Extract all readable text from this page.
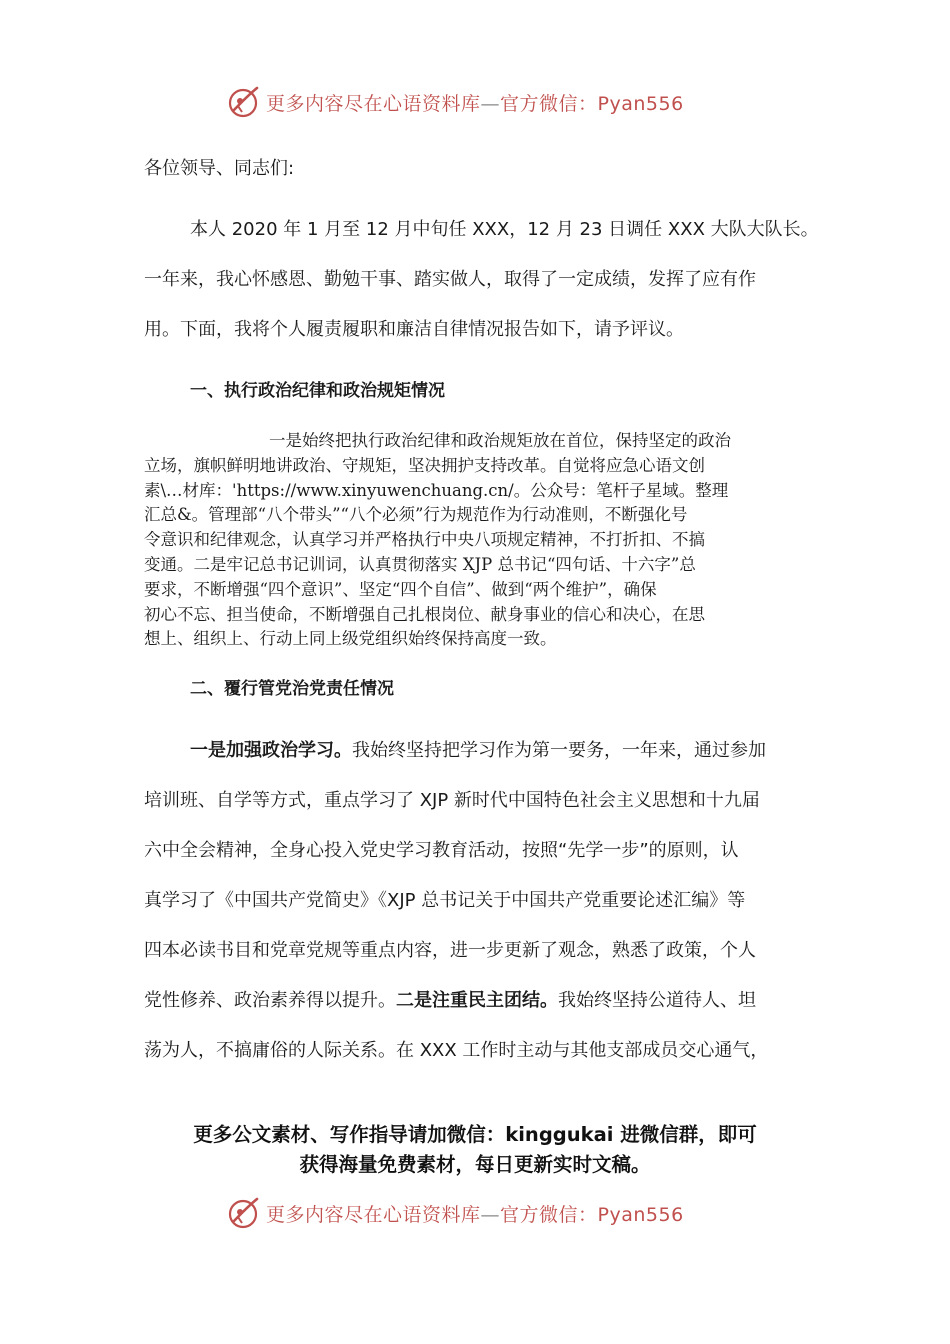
更多内容尽在心语资料库—官方微信：Pyan556
各位领导、同志们:
本人 2020 年 1 月至 12 月中旬任 XXX，12 月 23 日调任 XXX 大队大队长。
一年来，我心怀感恩、勤勉干事、踏实做人，取得了一定成绩，发挥了应有作
用。下面，我将个人履责履职和廉洁自律情况报告如下，请予评议。
一、执行政治纪律和政治规矩情况
一是始终把执行政治纪律和政治规矩放在首位，保持坚定的政治
立场，旗帜鲜明地讲政治、守规矩，坚决拥护支持改革。自觉将应急心语文创
素\…材库：'https://www.xinyuwenchuang.cn/。公众号：笔杆子星域。整理
汇总&。管理部“八个带头”“八个必须”行为规范作为行动准则，不断强化号
令意识和纪律观念，认真学习并严格执行中央八项规定精神，不打折扣、不搞
变通。二是牢记总书记训词，认真贯彻落实 XJP 总书记“四句话、十六字”总
要求，不断增强“四个意识”、坚定“四个自信”、做到“两个维护”，确保
初心不忘、担当使命，不断增强自己扎根岗位、献身事业的信心和决心，在思
想上、组织上、行动上同上级党组织始终保持高度一致。
二、覆行管党治党责任情况
一是加强政治学习。我始终坚持把学习作为第一要务，一年来，通过参加
培训班、自学等方式，重点学习了 XJP 新时代中国特色社会主义思想和十九届
六中全会精神，全身心投入党史学习教育活动，按照“先学一步”的原则，认
真学习了《中国共产党简史》《XJP 总书记关于中国共产党重要论述汇编》等
四本必读书目和党章党规等重点内容，进一步更新了观念，熟悉了政策，个人
党性修养、政治素养得以提升。二是注重民主团结。我始终坚持公道待人、坦
荡为人，不搞庸俗的人际关系。在 XXX 工作时主动与其他支部成员交心通气，
更多公文素材、写作指导请加微信：kinggukai 进微信群，即可
获得海量免费素材，每日更新实时文稿。
更多内容尽在心语资料库—官方微信：Pyan556
